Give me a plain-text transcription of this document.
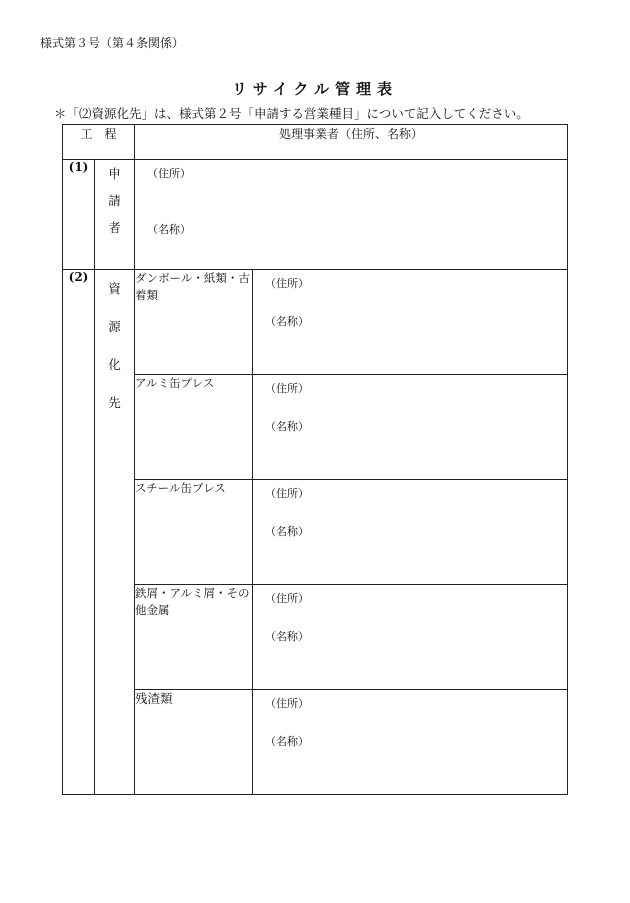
様式第３号（第４条関係）
リサイクル管理表
＊「⑵資源化先」は、様式第２号「申請する営業種目」について記入してください。
工　程		処理事業者（住所、名称）	
(1)	申請者	（住所）
（名称）	

(2)	資源化先	ダンボール・紙類・古着類	（住所）
（名称）

		アルミ缶プレス	（住所）
（名称）

		スチール缶プレス	（住所）
（名称）

		鉄屑・アルミ屑・その他金属	（住所）
（名称）

		残渣類	（住所）
（名称）
